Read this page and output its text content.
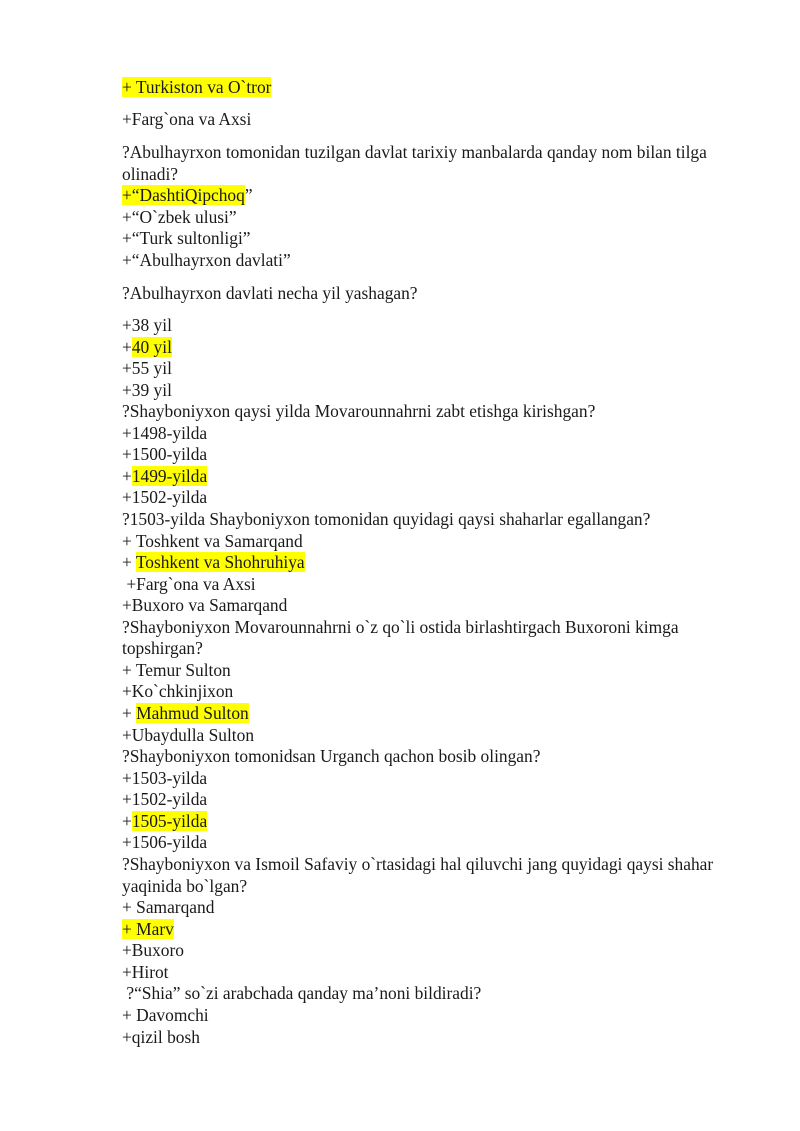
+ Turkiston va O`tror
+Farg`ona va Axsi
?Abulhayrxon tomonidan tuzilgan davlat tarixiy manbalarda qanday nom bilan tilga
olinadi?
+“DashtiQipchoq”
+“O`zbek ulusi”
+“Turk sultonligi”
+“Abulhayrxon davlati”
?Abulhayrxon davlati necha yil yashagan?
+38 yil
+40 yil
+55 yil
+39 yil
?Shayboniyxon qaysi yilda Movarounnahrni zabt etishga kirishgan?
+1498-yilda
+1500-yilda
+1499-yilda
+1502-yilda
?1503-yilda Shayboniyxon tomonidan quyidagi qaysi shaharlar egallangan?
+ Toshkent va Samarqand
+ Toshkent va Shohruhiya
+Farg`ona va Axsi
+Buxoro va Samarqand
?Shayboniyxon Movarounnahrni o`z qo`li ostida birlashtirgach Buxoroni kimga
topshirgan?
+ Temur Sulton
+Ko`chkinjixon
+ Mahmud Sulton
+Ubaydulla Sulton
?Shayboniyxon tomonidsan Urganch qachon bosib olingan?
+1503-yilda
+1502-yilda
+1505-yilda
+1506-yilda
?Shayboniyxon va Ismoil Safaviy o`rtasidagi hal qiluvchi jang quyidagi qaysi shahar
yaqinida bo`lgan?
+ Samarqand
+ Marv
+Buxoro
+Hirot
?“Shia” so`zi arabchada qanday ma’noni bildiradi?
+ Davomchi
+qizil bosh
